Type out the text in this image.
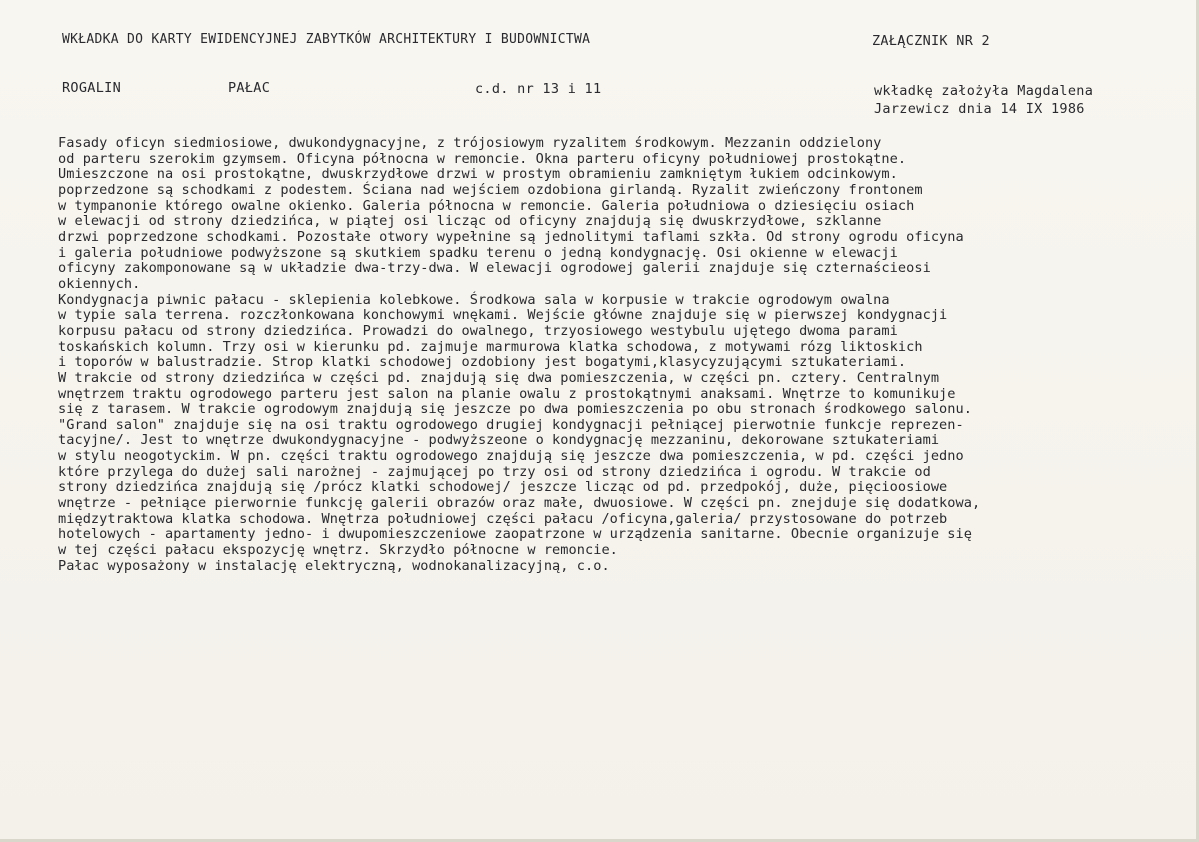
WKŁADKA DO KARTY EWIDENCYJNEJ ZABYTKÓW ARCHITEKTURY I BUDOWNICTWA	ZAŁĄCZNIK NR 2
ROGALIN	PAŁAC	c.d. nr 13 i 11	wkładkę założyła Magdalena
Jarzewicz dnia 14 IX 1986
Fasady oficyn siedmiosiowe, dwukondygnacyjne, z trójosiowym ryzalitem środkowym. Mezzanin oddzielony
od parteru szerokim gzymsem. Oficyna północna w remoncie. Okna parteru oficyny południowej prostokątne.
Umieszczone na osi prostokątne, dwuskrzydłowe drzwi w prostym obramieniu zamkniętym łukiem odcinkowym.
poprzedzone są schodkami z podestem. Ściana nad wejściem ozdobiona girlandą. Ryzalit zwieńczony frontonem
w tympanonie którego owalne okienko. Galeria północna w remoncie. Galeria południowa o dziesięciu osiach
w elewacji od strony dziedzińca, w piątej osi licząc od oficyny znajdują się dwuskrzydłowe, szklanne
drzwi poprzedzone schodkami. Pozostałe otwory wypełnine są jednolitymi taflami szkła. Od strony ogrodu oficyna
i galeria południowe podwyższone są skutkiem spadku terenu o jedną kondygnację. Osi okienne w elewacji
oficyny zakomponowane są w układzie dwa-trzy-dwa. W elewacji ogrodowej galerii znajduje się czternaścieosi
okiennych.
Kondygnacja piwnic pałacu - sklepienia kolebkowe. Środkowa sala w korpusie w trakcie ogrodowym owalna
w typie sala terrena. rozczłonkowana konchowymi wnękami. Wejście główne znajduje się w pierwszej kondygnacji
korpusu pałacu od strony dziedzińca. Prowadzi do owalnego, trzyosiowego westybulu ujętego dwoma parami
toskańskich kolumn. Trzy osi w kierunku pd. zajmuje marmurowa klatka schodowa, z motywami rózg liktoskich
i toporów w balustradzie. Strop klatki schodowej ozdobiony jest bogatymi,klasycyzującymi sztukateriami.
W trakcie od strony dziedzińca w części pd. znajdują się dwa pomieszczenia, w części pn. cztery. Centralnym
wnętrzem traktu ogrodowego parteru jest salon na planie owalu z prostokątnymi anaksami. Wnętrze to komunikuje
się z tarasem. W trakcie ogrodowym znajdują się jeszcze po dwa pomieszczenia po obu stronach środkowego salonu.
"Grand salon" znajduje się na osi traktu ogrodowego drugiej kondygnacji pełniącej pierwotnie funkcje reprezen-
tacyjne/. Jest to wnętrze dwukondygnacyjne - podwyższeone o kondygnację mezzaninu, dekorowane sztukateriami
w stylu neogotyckim. W pn. części traktu ogrodowego znajdują się jeszcze dwa pomieszczenia, w pd. części jedno
które przylega do dużej sali narożnej - zajmującej po trzy osi od strony dziedzińca i ogrodu. W trakcie od
strony dziedzińca znajdują się /prócz klatki schodowej/ jeszcze licząc od pd. przedpokój, duże, pięcioosiowe
wnętrze - pełniące pierwornie funkcję galerii obrazów oraz małe, dwuosiowe. W części pn. znejduje się dodatkowa,
międzytraktowa klatka schodowa. Wnętrza południowej części pałacu /oficyna,galeria/ przystosowane do potrzeb
hotelowych - apartamenty jedno- i dwupomieszczeniowe zaopatrzone w urządzenia sanitarne. Obecnie organizuje się
w tej części pałacu ekspozycję wnętrz. Skrzydło północne w remoncie.
Pałac wyposażony w instalację elektryczną, wodnokanalizacyjną, c.o.
